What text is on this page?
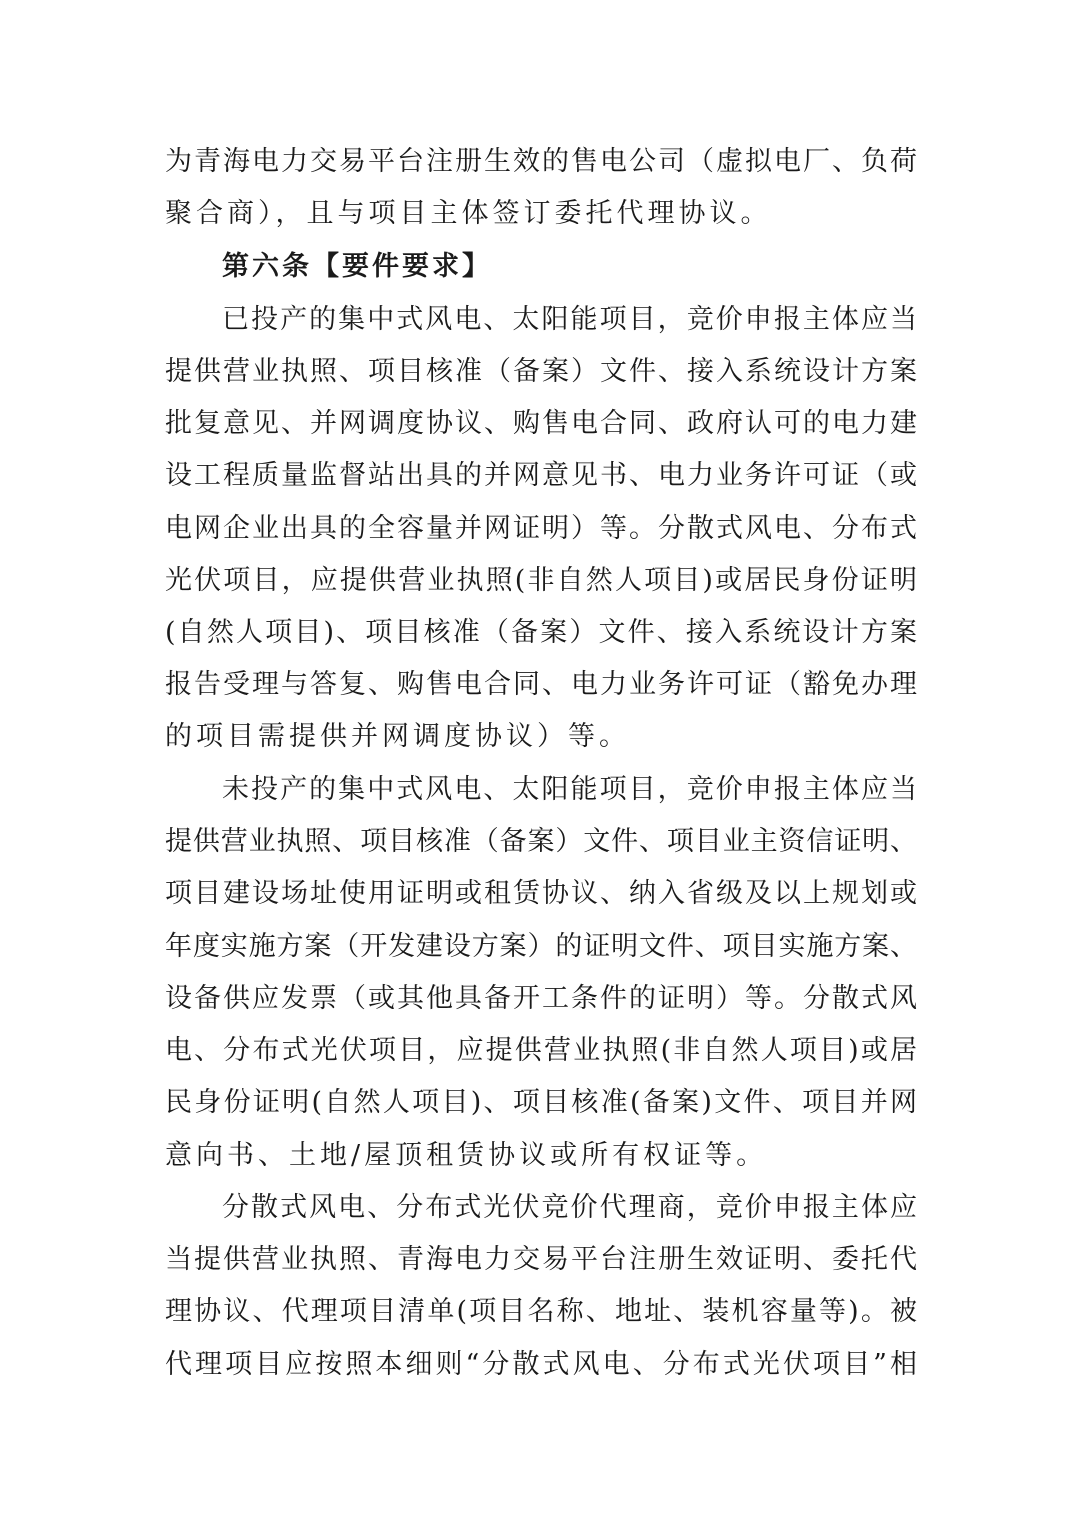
为青海电力交易平台注册生效的售电公司（虚拟电厂、负荷
聚合商），且与项目主体签订委托代理协议。
第六条【要件要求】
已投产的集中式风电、太阳能项目，竞价申报主体应当
提供营业执照、项目核准（备案）文件、接入系统设计方案
批复意见、并网调度协议、购售电合同、政府认可的电力建
设工程质量监督站出具的并网意见书、电力业务许可证（或
电网企业出具的全容量并网证明）等。分散式风电、分布式
光伏项目，应提供营业执照(非自然人项目)或居民身份证明
(自然人项目)、项目核准（备案）文件、接入系统设计方案
报告受理与答复、购售电合同、电力业务许可证（豁免办理
的项目需提供并网调度协议）等。
未投产的集中式风电、太阳能项目，竞价申报主体应当
提供营业执照、项目核准（备案）文件、项目业主资信证明、
项目建设场址使用证明或租赁协议、纳入省级及以上规划或
年度实施方案（开发建设方案）的证明文件、项目实施方案、
设备供应发票（或其他具备开工条件的证明）等。分散式风
电、分布式光伏项目，应提供营业执照(非自然人项目)或居
民身份证明(自然人项目)、项目核准(备案)文件、项目并网
意向书、土地/屋顶租赁协议或所有权证等。
分散式风电、分布式光伏竞价代理商，竞价申报主体应
当提供营业执照、青海电力交易平台注册生效证明、委托代
理协议、代理项目清单(项目名称、地址、装机容量等)。被
代理项目应按照本细则“分散式风电、分布式光伏项目”相
